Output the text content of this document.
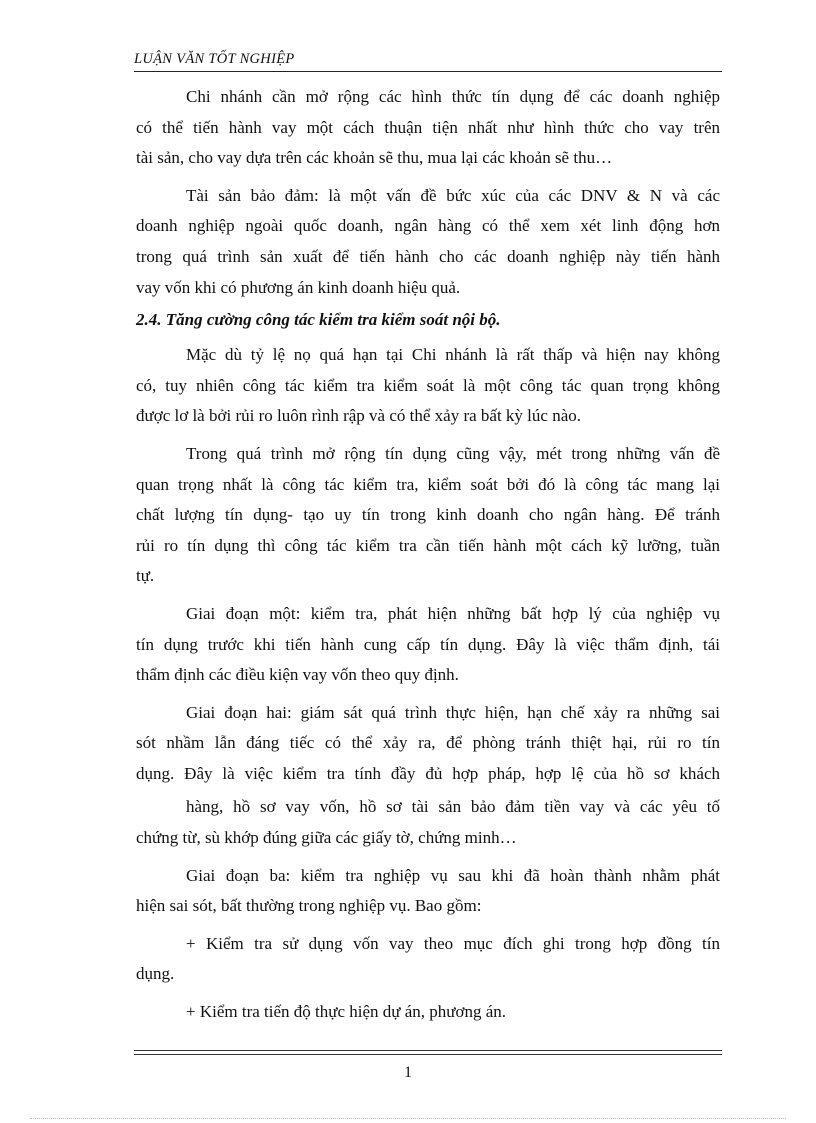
LUẬN VĂN TỐT NGHIỆP
Chi nhánh cần mở rộng các hình thức tín dụng để các doanh nghiệp
có thể tiến hành vay một cách thuận tiện nhất như hình thức cho vay trên
tài sản, cho vay dựa trên các khoản sẽ thu, mua lại các khoản sẽ thu…
Tài sản bảo đảm: là một vấn đề bức xúc của các DNV & N và các
doanh nghiệp ngoài quốc doanh, ngân hàng có thể xem xét linh động hơn
trong quá trình sản xuất để tiến hành cho các doanh nghiệp này tiến hành
vay vốn khi có phương án kinh doanh hiệu quả.
2.4. Tăng cường công tác kiểm tra kiểm soát nội bộ.
Mặc dù tỷ lệ nọ quá hạn tại Chi nhánh là rất thấp và hiện nay không
có, tuy nhiên công tác kiểm tra kiểm soát là một công tác quan trọng không
được lơ là bởi rủi ro luôn rình rập và có thể xảy ra bất kỳ lúc nào.
Trong quá trình mở rộng tín dụng cũng vậy, mét trong những vấn đề
quan trọng nhất là công tác kiểm tra, kiểm soát bởi đó là công tác mang lại
chất lượng tín dụng- tạo uy tín trong kinh doanh cho ngân hàng. Để tránh
rủi ro tín dụng thì công tác kiểm tra cần tiến hành một cách kỹ lưỡng, tuần
tự.
Giai đoạn một: kiểm tra, phát hiện những bất hợp lý của nghiệp vụ
tín dụng trước khi tiến hành cung cấp tín dụng. Đây là việc thẩm định, tái
thẩm định các điều kiện vay vốn theo quy định.
Giai đoạn hai: giám sát quá trình thực hiện, hạn chế xảy ra những sai
sót nhầm lẫn đáng tiếc có thể xảy ra, để phòng tránh thiệt hại, rủi ro tín
dụng. Đây là việc kiểm tra tính đầy đủ hợp pháp, hợp lệ của hồ sơ khách
hàng, hồ sơ vay vốn, hồ sơ tài sản bảo đảm tiền vay và các yêu tố
chứng từ, sù khớp đúng giữa các giấy tờ, chứng minh…
Giai đoạn ba: kiểm tra nghiệp vụ sau khi đã hoàn thành nhằm phát
hiện sai sót, bất thường trong nghiệp vụ. Bao gồm:
+ Kiểm tra sử dụng vốn vay theo mục đích ghi trong hợp đồng tín
dụng.
+ Kiểm tra tiến độ thực hiện dự án, phương án.
1
